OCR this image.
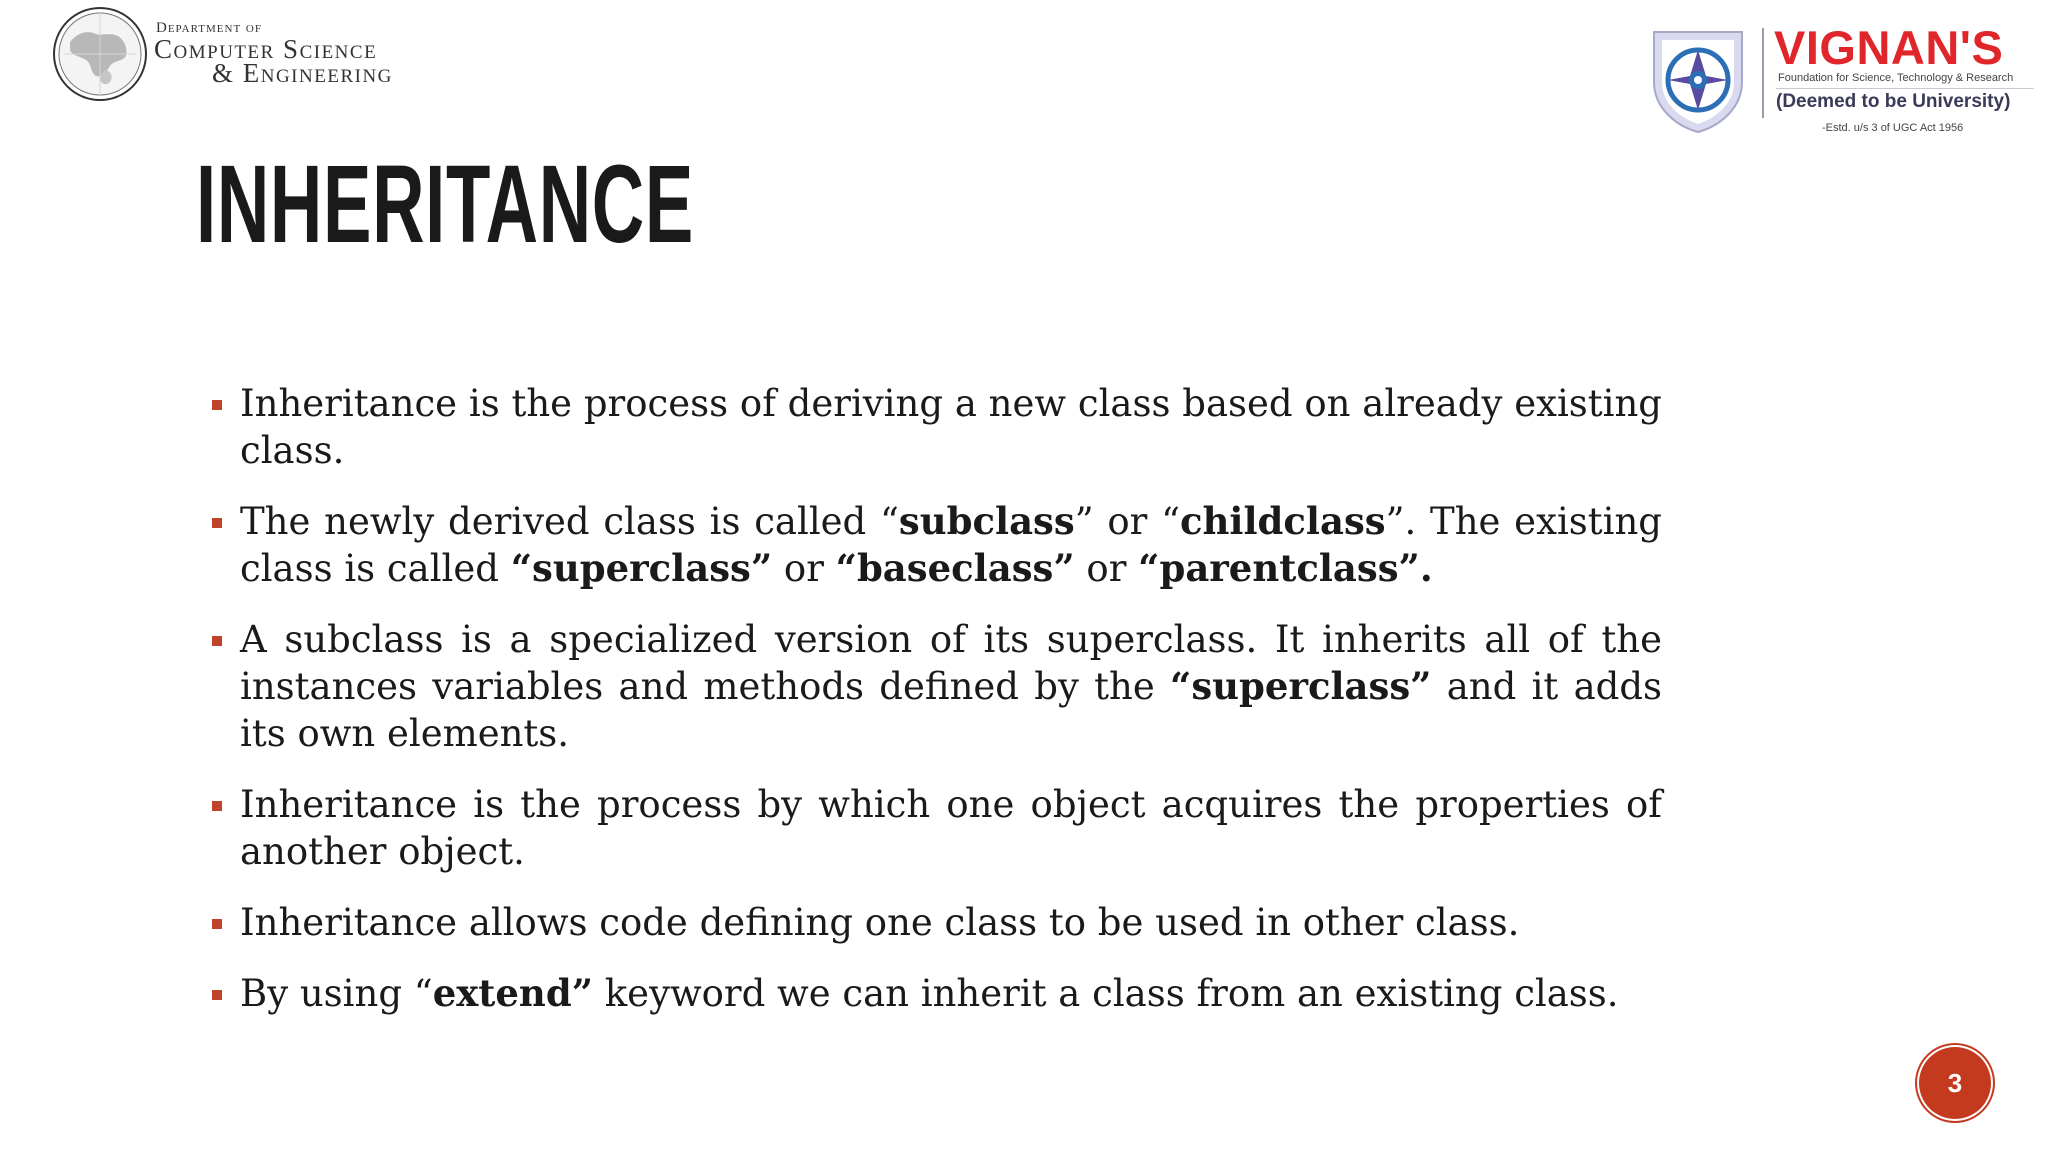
Department of
Computer Science
& Engineering	VIGNAN'S
Foundation for Science, Technology & Research
(Deemed to be University)
-Estd. u/s 3 of UGC Act 1956
INHERITANCE
Inheritance is the process of deriving a new class based on already existing class.
The newly derived class is called “subclass” or “childclass”. The existing class is called “superclass” or “baseclass” or “parentclass”.
A subclass is a specialized version of its superclass. It inherits all of the instances variables and methods defined by the “superclass” and it adds its own elements.
Inheritance is the process by which one object acquires the properties of another object.
Inheritance allows code defining one class to be used in other class.
By using “extend” keyword we can inherit a class from an existing class.
3
